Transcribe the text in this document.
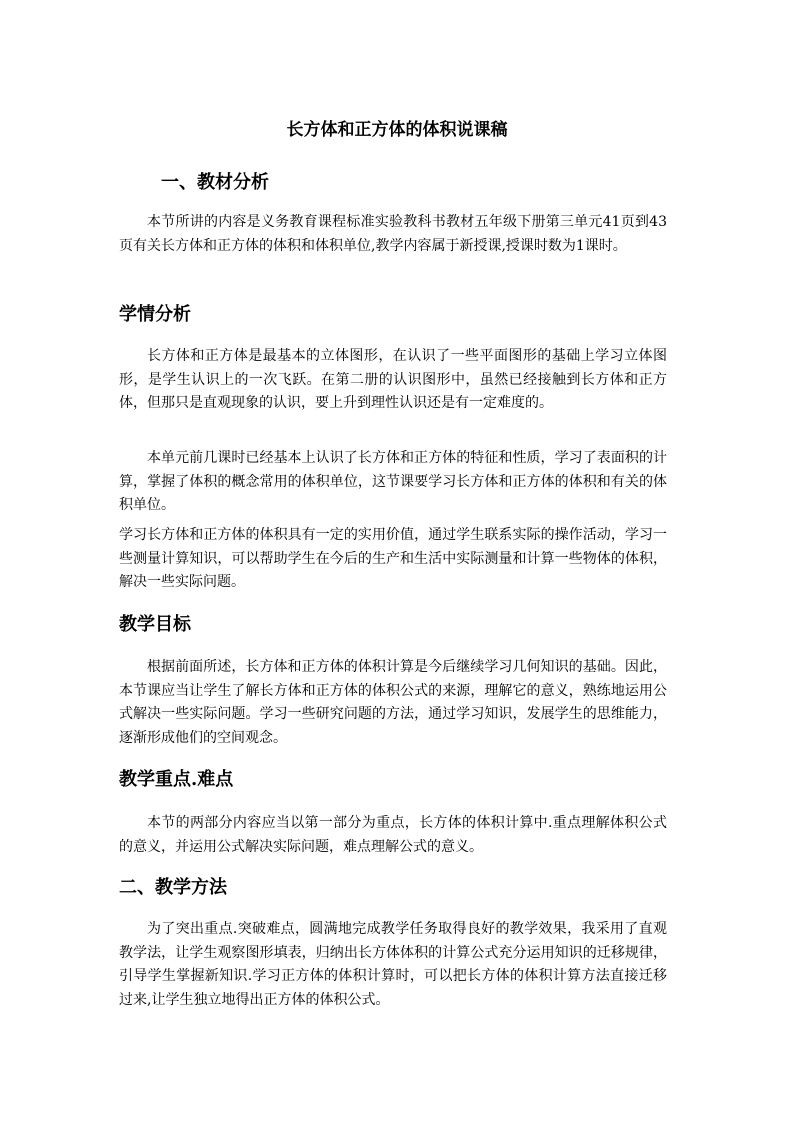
长方体和正方体的体积说课稿
一、教材分析
本节所讲的内容是义务教育课程标准实验教科书教材五年级下册第三单元41页到43页有关长方体和正方体的体积和体积单位,教学内容属于新授课,授课时数为1课时。
学情分析
长方体和正方体是最基本的立体图形，在认识了一些平面图形的基础上学习立体图形，是学生认识上的一次飞跃。在第二册的认识图形中，虽然已经接触到长方体和正方体，但那只是直观现象的认识，要上升到理性认识还是有一定难度的。
本单元前几课时已经基本上认识了长方体和正方体的特征和性质，学习了表面积的计算，掌握了体积的概念常用的体积单位，这节课要学习长方体和正方体的体积和有关的体积单位。
学习长方体和正方体的体积具有一定的实用价值，通过学生联系实际的操作活动，学习一些测量计算知识，可以帮助学生在今后的生产和生活中实际测量和计算一些物体的体积，解决一些实际问题。
教学目标
根据前面所述，长方体和正方体的体积计算是今后继续学习几何知识的基础。因此，本节课应当让学生了解长方体和正方体的体积公式的来源，理解它的意义，熟练地运用公式解决一些实际问题。学习一些研究问题的方法，通过学习知识，发展学生的思维能力，逐渐形成他们的空间观念。
教学重点.难点
本节的两部分内容应当以第一部分为重点，长方体的体积计算中.重点理解体积公式的意义，并运用公式解决实际问题，难点理解公式的意义。
二、教学方法
为了突出重点.突破难点，圆满地完成教学任务取得良好的教学效果，我采用了直观教学法，让学生观察图形填表，归纳出长方体体积的计算公式充分运用知识的迁移规律，引导学生掌握新知识.学习正方体的体积计算时，可以把长方体的体积计算方法直接迁移过来,让学生独立地得出正方体的体积公式。
